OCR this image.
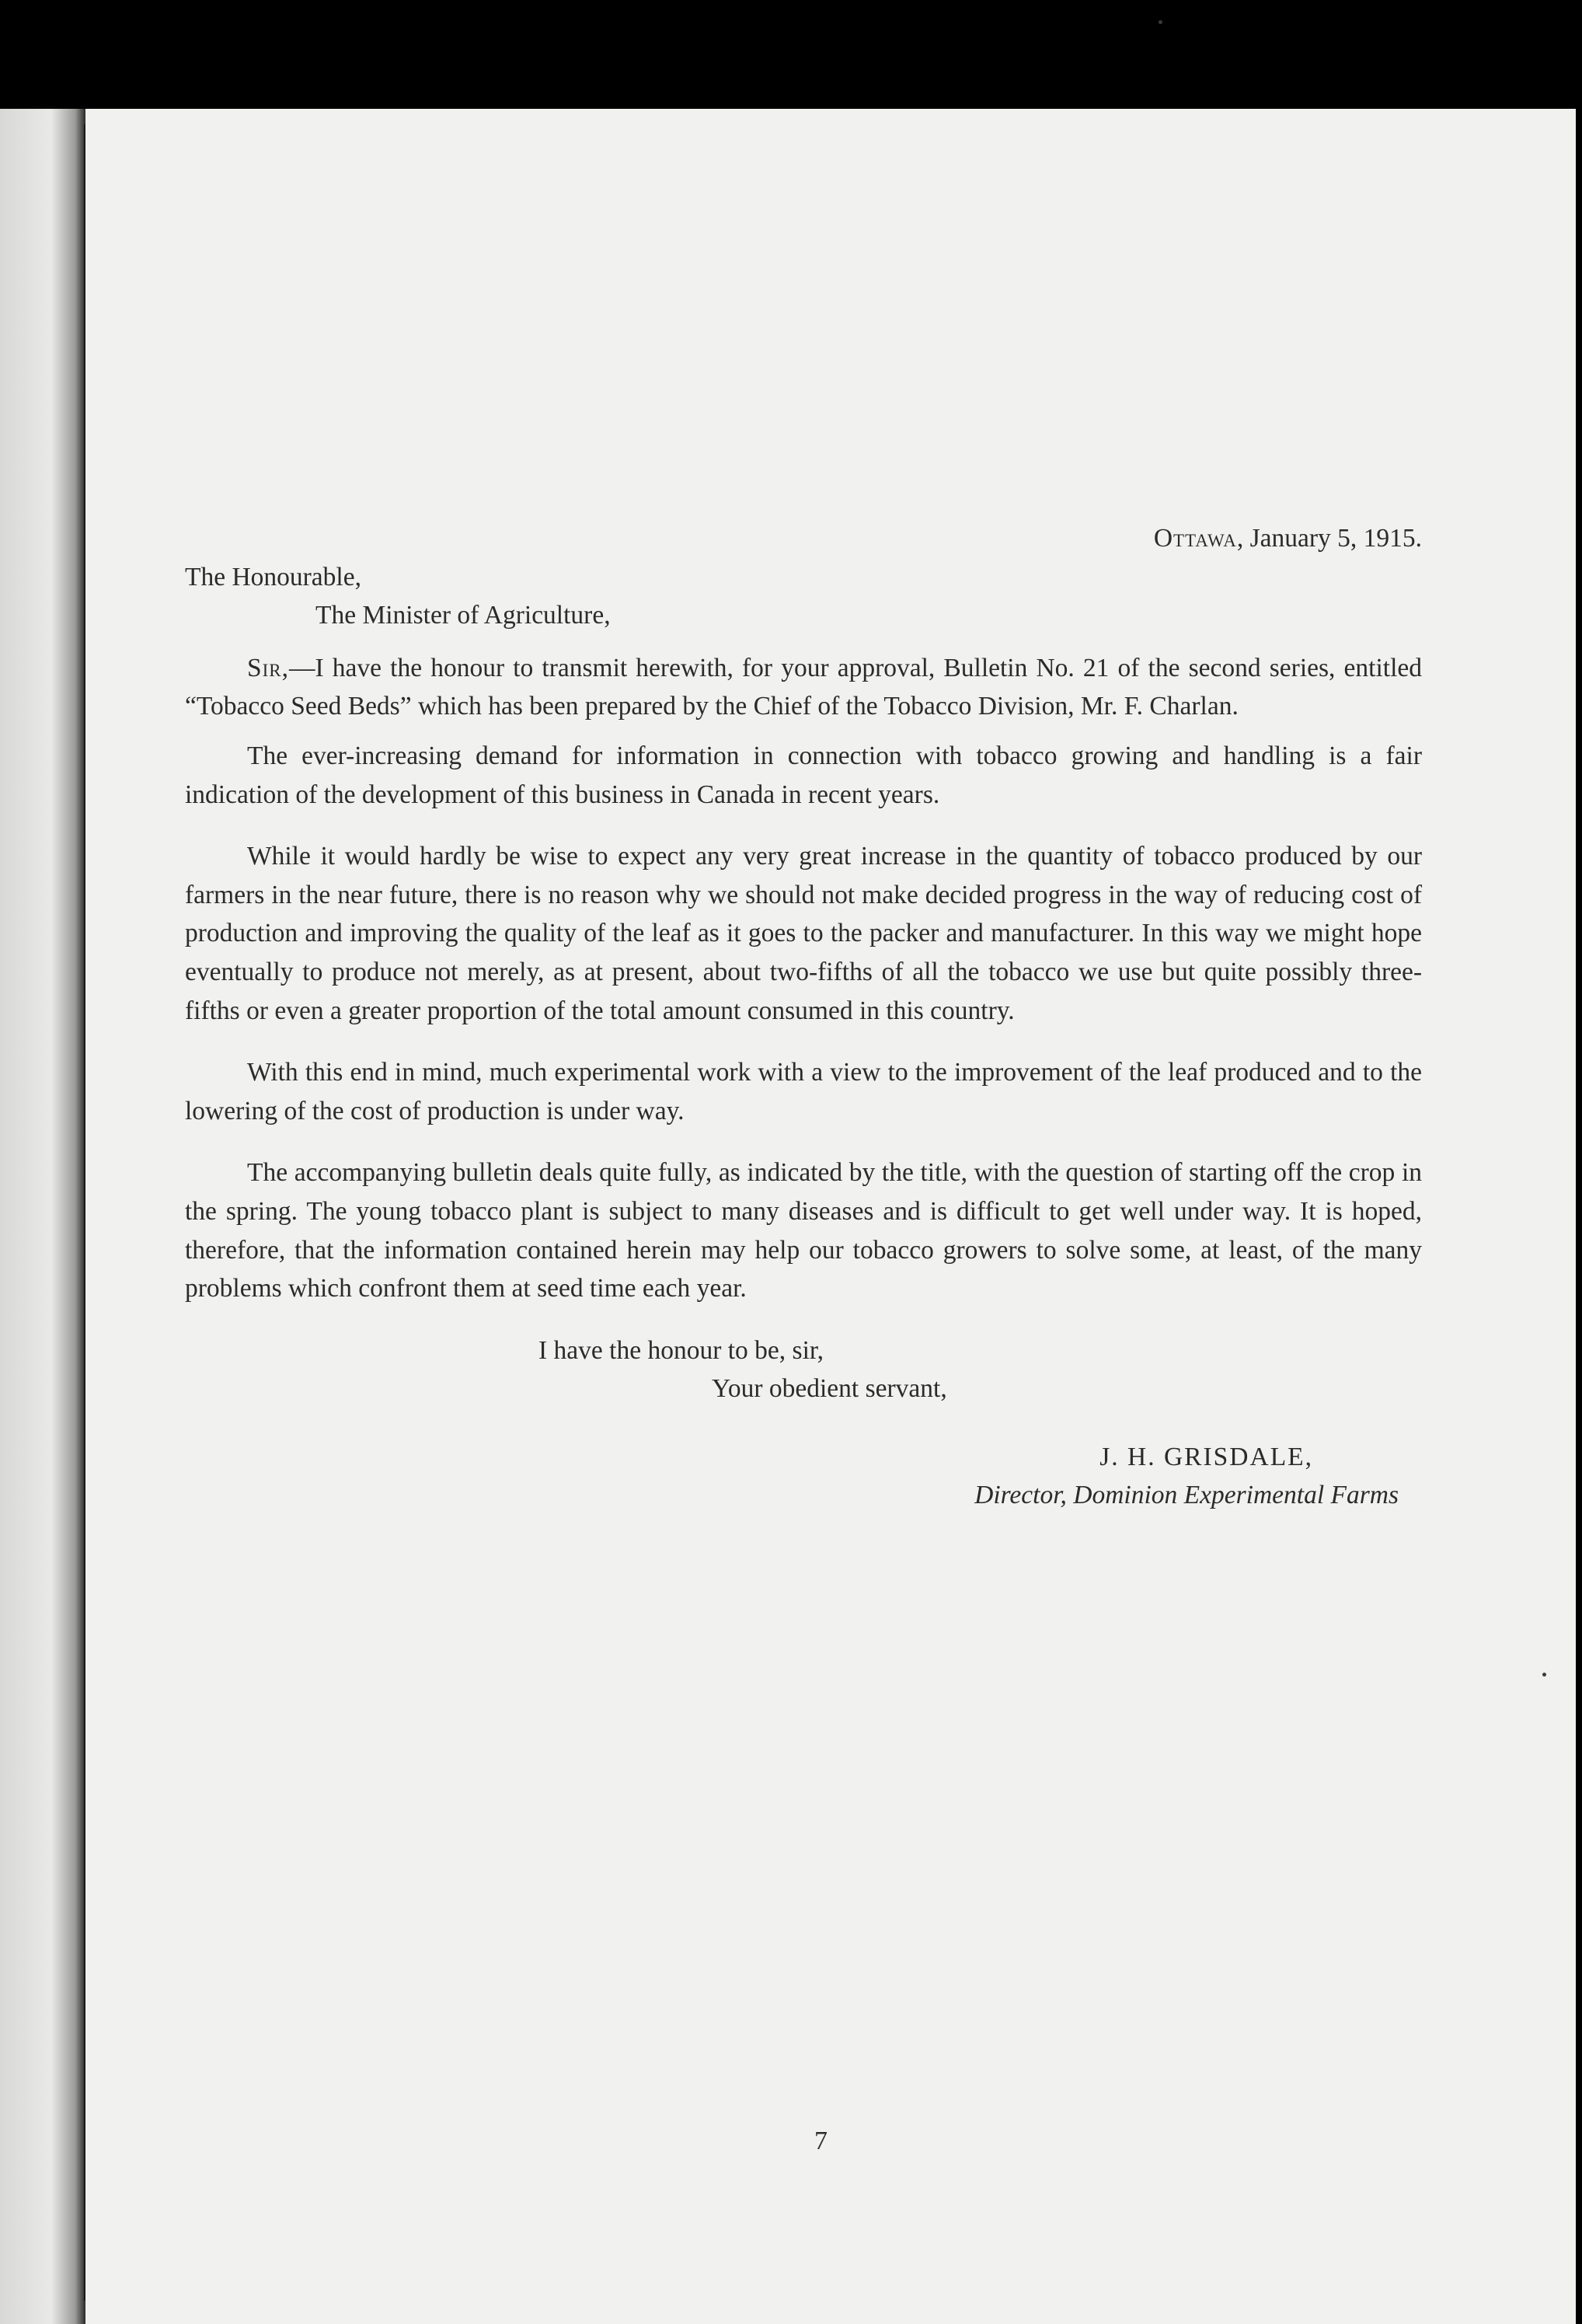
Ottawa, January 5, 1915.

The Honourable,

The Minister of Agriculture,

Sir,—I have the honour to transmit herewith, for your approval, Bulletin No. 21 of the second series, entitled “Tobacco Seed Beds” which has been prepared by the Chief of the Tobacco Division, Mr. F. Charlan.

The ever-increasing demand for information in connection with tobacco growing and handling is a fair indication of the development of this business in Canada in recent years.

While it would hardly be wise to expect any very great increase in the quantity of tobacco produced by our farmers in the near future, there is no reason why we should not make decided progress in the way of reducing cost of production and improving the quality of the leaf as it goes to the packer and manufacturer. In this way we might hope eventually to produce not merely, as at present, about two-fifths of all the tobacco we use but quite possibly three-fifths or even a greater proportion of the total amount consumed in this country.

With this end in mind, much experimental work with a view to the improvement of the leaf produced and to the lowering of the cost of production is under way.

The accompanying bulletin deals quite fully, as indicated by the title, with the question of starting off the crop in the spring. The young tobacco plant is subject to many diseases and is difficult to get well under way. It is hoped, therefore, that the information contained herein may help our tobacco growers to solve some, at least, of the many problems which confront them at seed time each year.

I have the honour to be, sir,

Your obedient servant,

J. H. GRISDALE,

Director, Dominion Experimental Farms

7
